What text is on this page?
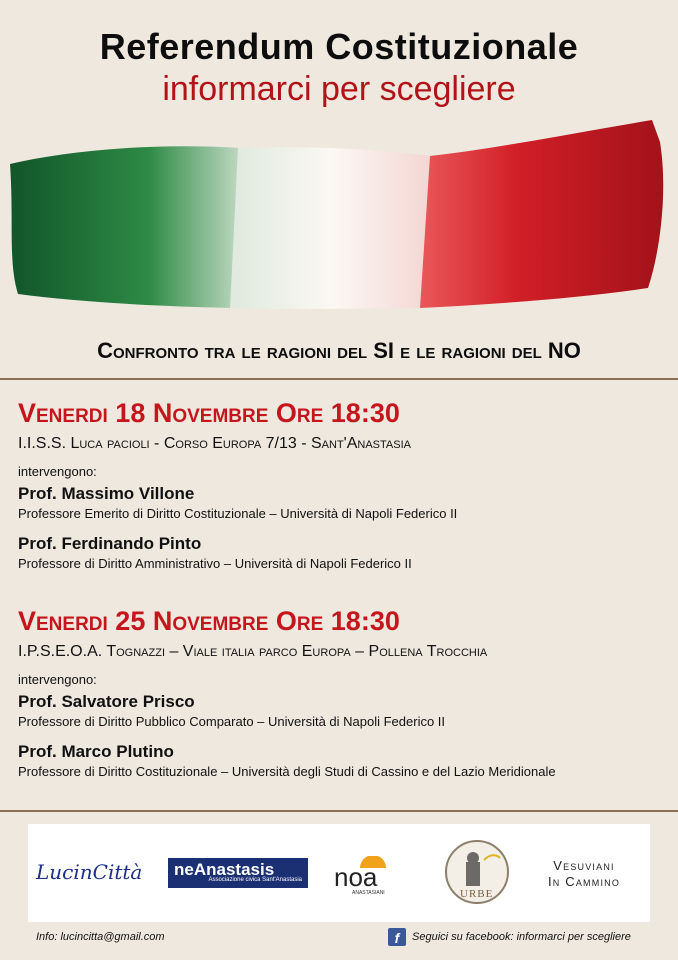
Referendum Costituzionale
informarci per scegliere
Confronto tra le ragioni del SI e le ragioni del NO
Venerdi 18 Novembre Ore 18:30
I.I.S.S. Luca pacioli - Corso Europa 7/13 - Sant'Anastasia
intervengono:
Prof. Massimo Villone
Professore Emerito di Diritto Costituzionale – Università di Napoli Federico II
Prof. Ferdinando Pinto
Professore di Diritto Amministrativo – Università di Napoli Federico II
Venerdi 25 Novembre Ore 18:30
I.P.S.E.O.A. Tognazzi – Viale italia parco Europa – Pollena Trocchia
intervengono:
Prof. Salvatore Prisco
Professore di Diritto Pubblico Comparato – Università di Napoli Federico II
Prof. Marco Plutino
Professore di Diritto Costituzionale – Università degli Studi di Cassino e del Lazio Meridionale
LucinCittà	neAnastasis
Associazione civica Sant'Anastasia noa
ANASTASIANI	URBE
Vesuviani
In Cammino
Info: lucincitta@gmail.com	f	Seguici su facebook: informarci per scegliere
